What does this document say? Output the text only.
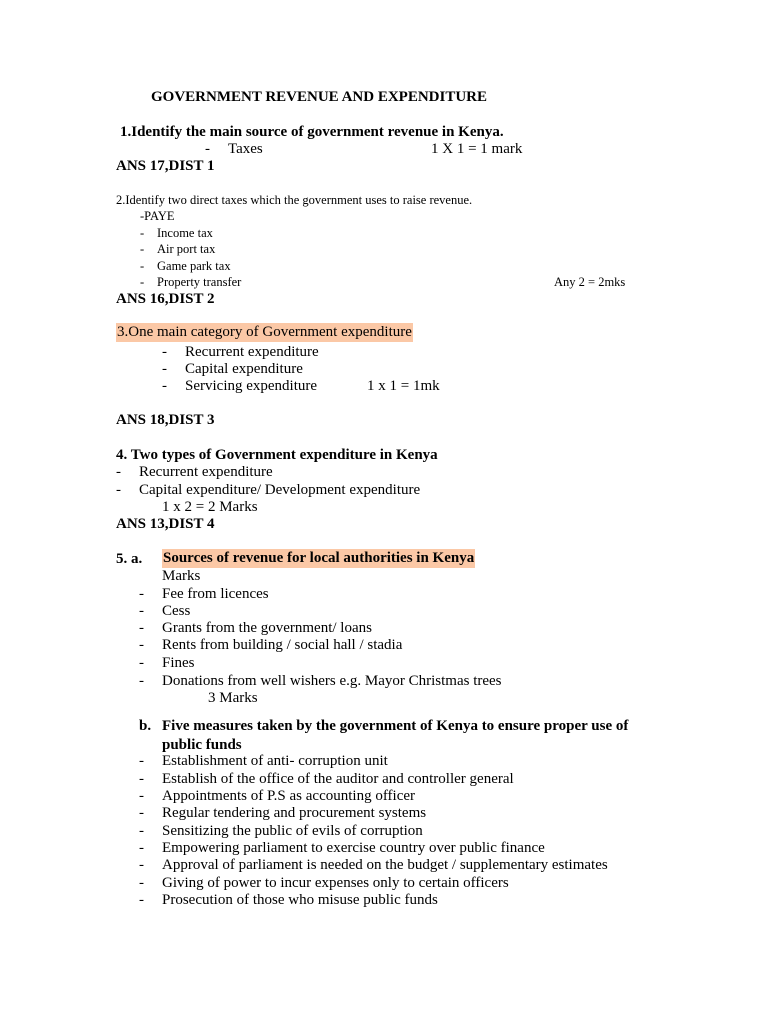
GOVERNMENT REVENUE AND EXPENDITURE
1.Identify the main source of government revenue in Kenya.
- Taxes	1 X 1 = 1 mark
ANS 17,DIST 1
2.Identify two direct taxes which the government uses to raise revenue.
-PAYE
- Income tax
- Air port tax
- Game park tax
- Property transfer	Any 2 = 2mks
ANS 16,DIST 2
3.One main category of Government expenditure
- Recurrent expenditure
- Capital expenditure
- Servicing expenditure	1 x 1 = 1mk
ANS 18,DIST 3
4. Two types of Government expenditure in Kenya
- Recurrent expenditure
- Capital expenditure/ Development expenditure
1 x 2 = 2 Marks
ANS 13,DIST 4
5. a. Sources of revenue for local authorities in Kenya
Marks
- Fee from licences
- Cess
- Grants from the government/ loans
- Rents from building / social hall / stadia
- Fines
- Donations from well wishers e.g. Mayor Christmas trees
3 Marks
b. Five measures taken by the government of Kenya to ensure proper use of
public funds
- Establishment of anti- corruption unit
- Establish of the office of the auditor and controller general
- Appointments of P.S as accounting officer
- Regular tendering and procurement systems
- Sensitizing the public of evils of corruption
- Empowering parliament to exercise country over public finance
- Approval of parliament is needed on the budget / supplementary estimates
- Giving of power to incur expenses only to certain officers
- Prosecution of those who misuse public funds
